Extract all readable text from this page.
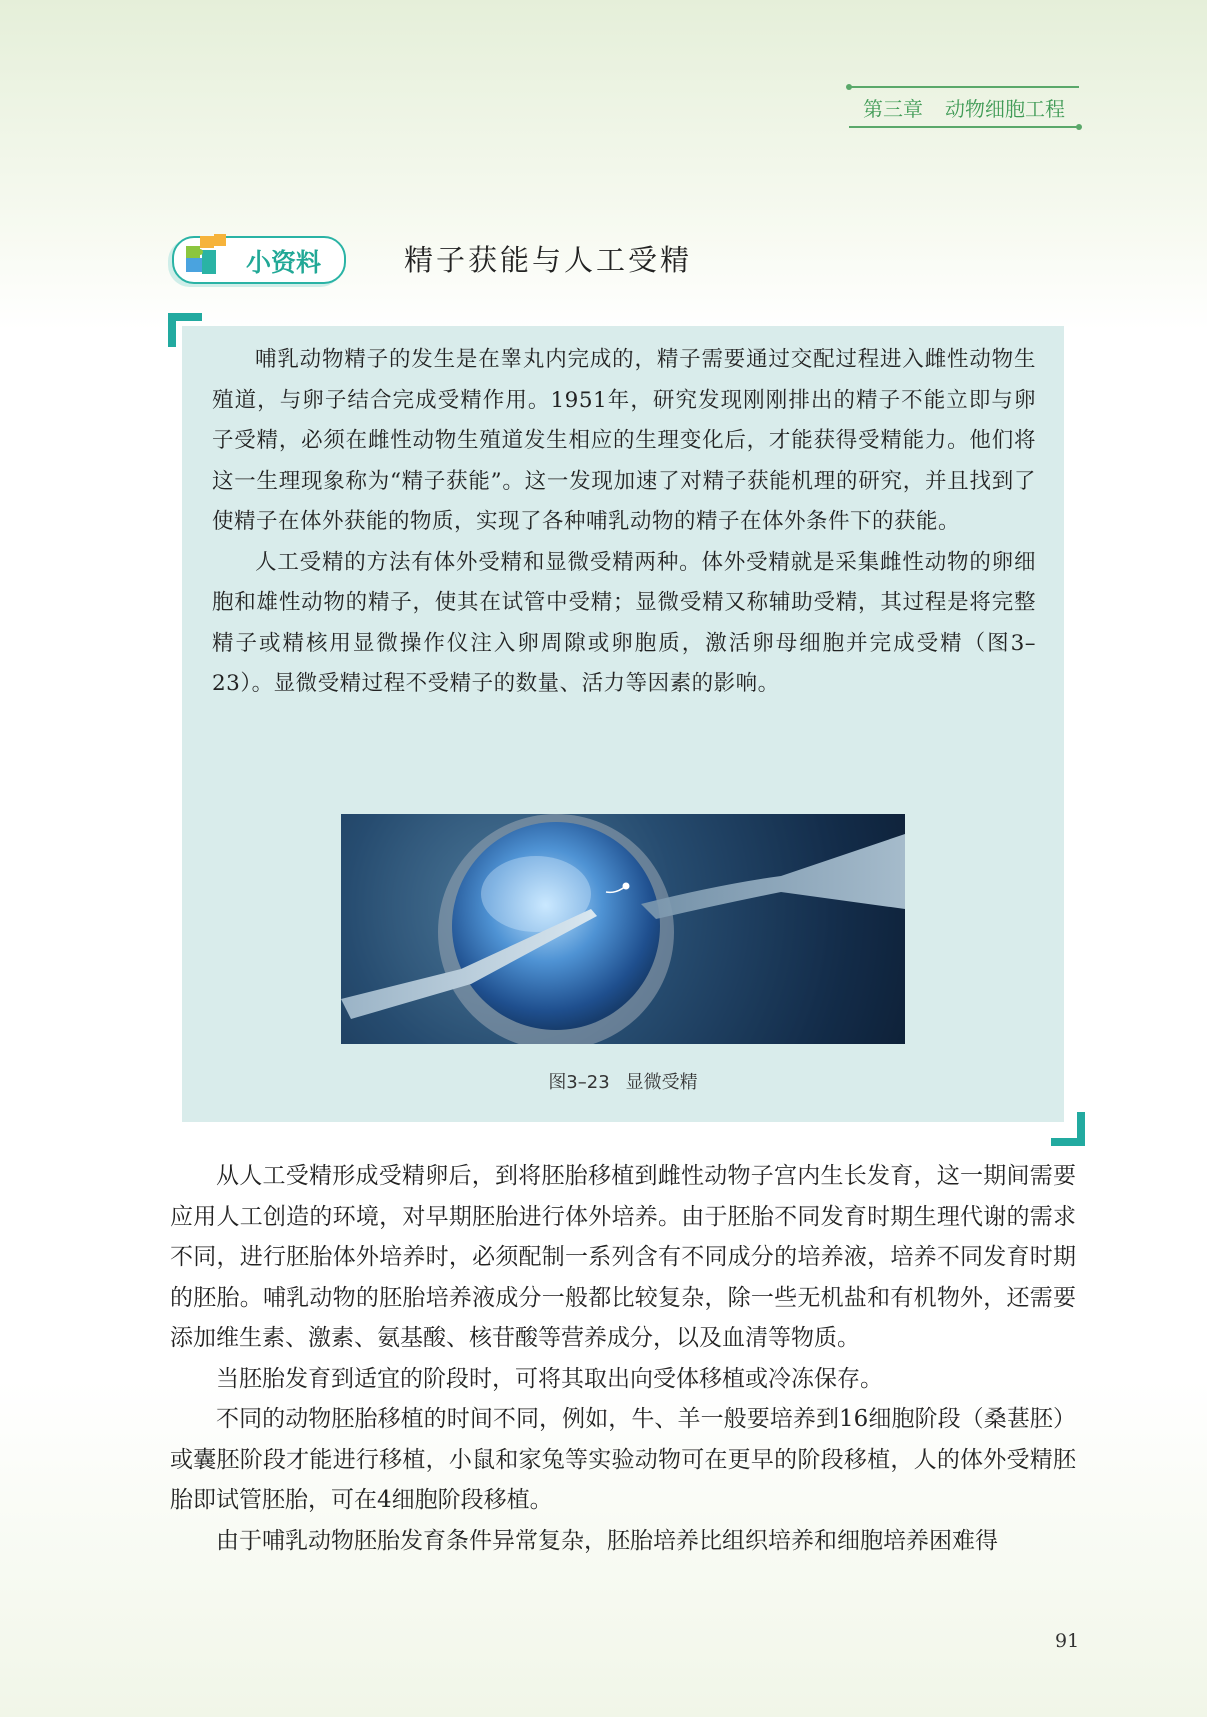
第三章 动物细胞工程
小资料	精子获能与人工受精

哺乳动物精子的发生是在睾丸内完成的，精子需要通过交配过程进入雌性动物生殖道，与卵子结合完成受精作用。1951年，研究发现刚刚排出的精子不能立即与卵子受精，必须在雌性动物生殖道发生相应的生理变化后，才能获得受精能力。他们将这一生理现象称为“精子获能”。这一发现加速了对精子获能机理的研究，并且找到了使精子在体外获能的物质，实现了各种哺乳动物的精子在体外条件下的获能。

人工受精的方法有体外受精和显微受精两种。体外受精就是采集雌性动物的卵细胞和雄性动物的精子，使其在试管中受精；显微受精又称辅助受精，其过程是将完整精子或精核用显微操作仪注入卵周隙或卵胞质，激活卵母细胞并完成受精（图3–23）。显微受精过程不受精子的数量、活力等因素的影响。

图3–23 显微受精

从人工受精形成受精卵后，到将胚胎移植到雌性动物子宫内生长发育，这一期间需要应用人工创造的环境，对早期胚胎进行体外培养。由于胚胎不同发育时期生理代谢的需求不同，进行胚胎体外培养时，必须配制一系列含有不同成分的培养液，培养不同发育时期的胚胎。哺乳动物的胚胎培养液成分一般都比较复杂，除一些无机盐和有机物外，还需要添加维生素、激素、氨基酸、核苷酸等营养成分，以及血清等物质。

当胚胎发育到适宜的阶段时，可将其取出向受体移植或冷冻保存。

不同的动物胚胎移植的时间不同，例如，牛、羊一般要培养到16细胞阶段（桑葚胚）或囊胚阶段才能进行移植，小鼠和家兔等实验动物可在更早的阶段移植，人的体外受精胚胎即试管胚胎，可在4细胞阶段移植。

由于哺乳动物胚胎发育条件异常复杂，胚胎培养比组织培养和细胞培养困难得

91
